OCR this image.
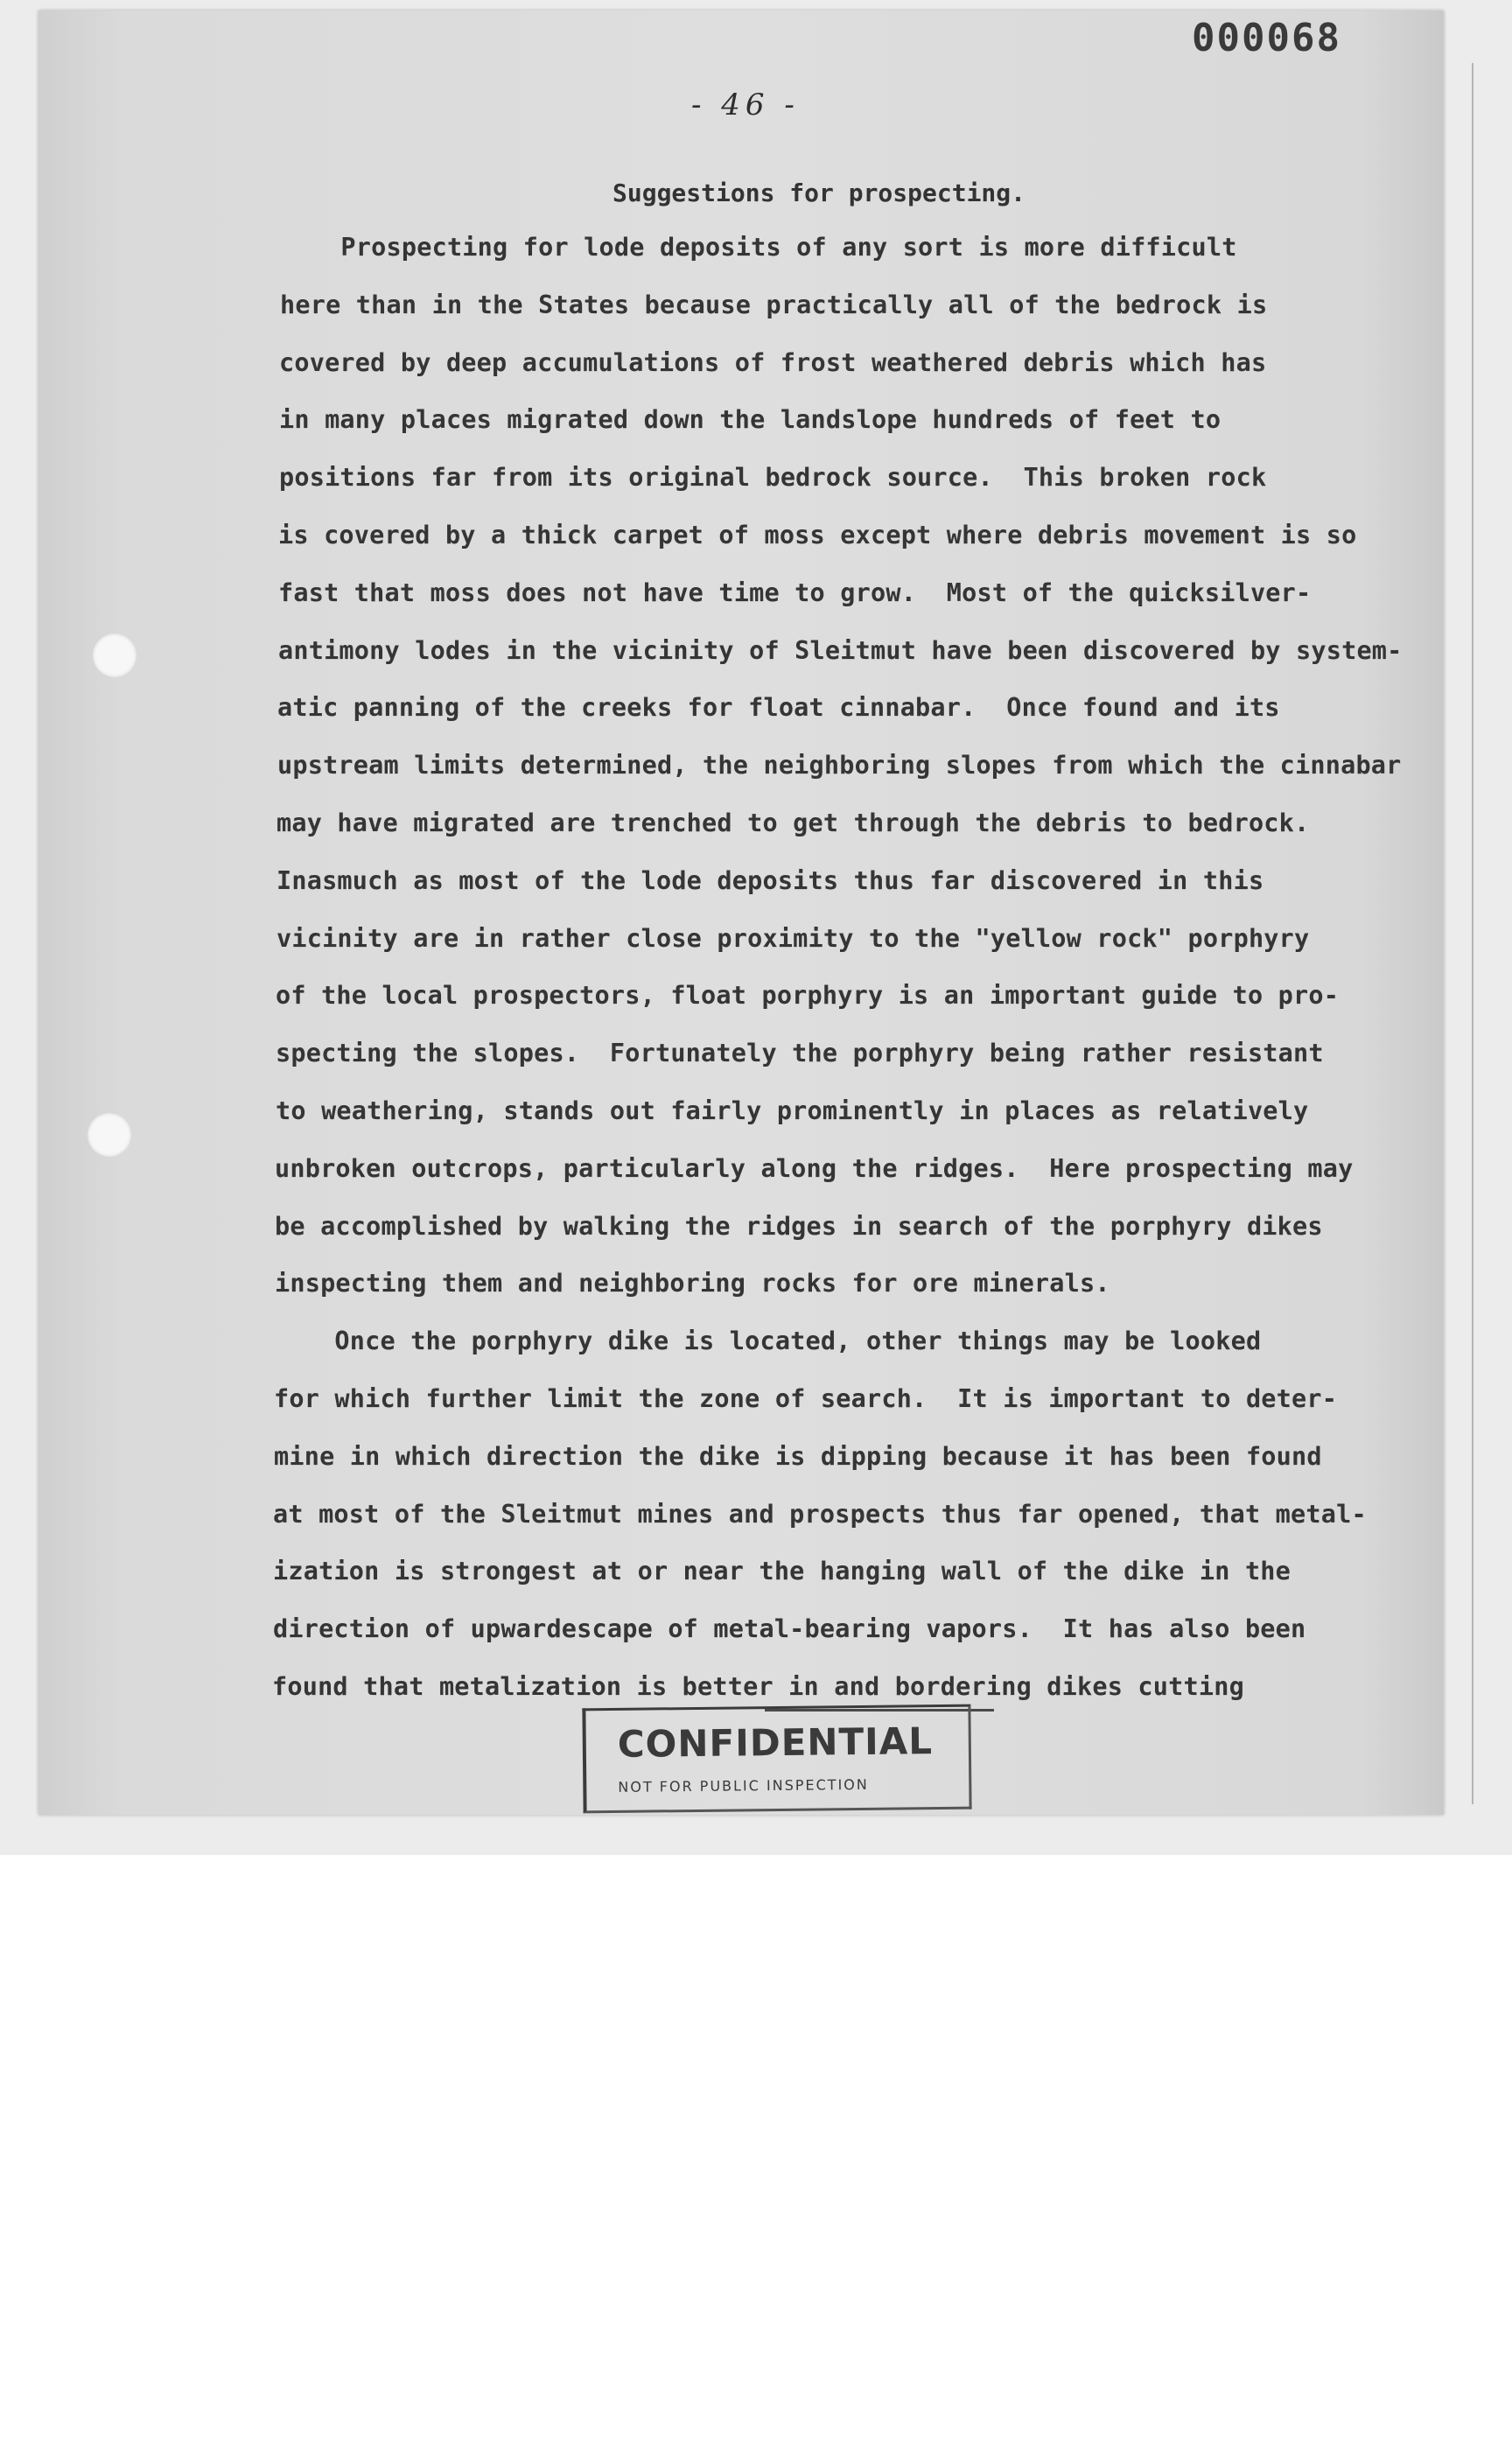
000068
- 46 -
Suggestions for prospecting.
Prospecting for lode deposits of any sort is more difficult
here than in the States because practically all of the bedrock is
covered by deep accumulations of frost weathered debris which has
in many places migrated down the landslope hundreds of feet to
positions far from its original bedrock source.  This broken rock
is covered by a thick carpet of moss except where debris movement is so
fast that moss does not have time to grow.  Most of the quicksilver-
antimony lodes in the vicinity of Sleitmut have been discovered by system-
atic panning of the creeks for float cinnabar.  Once found and its
upstream limits determined, the neighboring slopes from which the cinnabar
may have migrated are trenched to get through the debris to bedrock.
Inasmuch as most of the lode deposits thus far discovered in this
vicinity are in rather close proximity to the "yellow rock" porphyry
of the local prospectors, float porphyry is an important guide to pro-
specting the slopes.  Fortunately the porphyry being rather resistant
to weathering, stands out fairly prominently in places as relatively
unbroken outcrops, particularly along the ridges.  Here prospecting may
be accomplished by walking the ridges in search of the porphyry dikes
inspecting them and neighboring rocks for ore minerals.
Once the porphyry dike is located, other things may be looked
for which further limit the zone of search.  It is important to deter-
mine in which direction the dike is dipping because it has been found
at most of the Sleitmut mines and prospects thus far opened, that metal-
ization is strongest at or near the hanging wall of the dike in the
direction of upwardescape of metal-bearing vapors.  It has also been
found that metalization is better in and bordering dikes cutting
CONFIDENTIAL
NOT FOR PUBLIC INSPECTION
